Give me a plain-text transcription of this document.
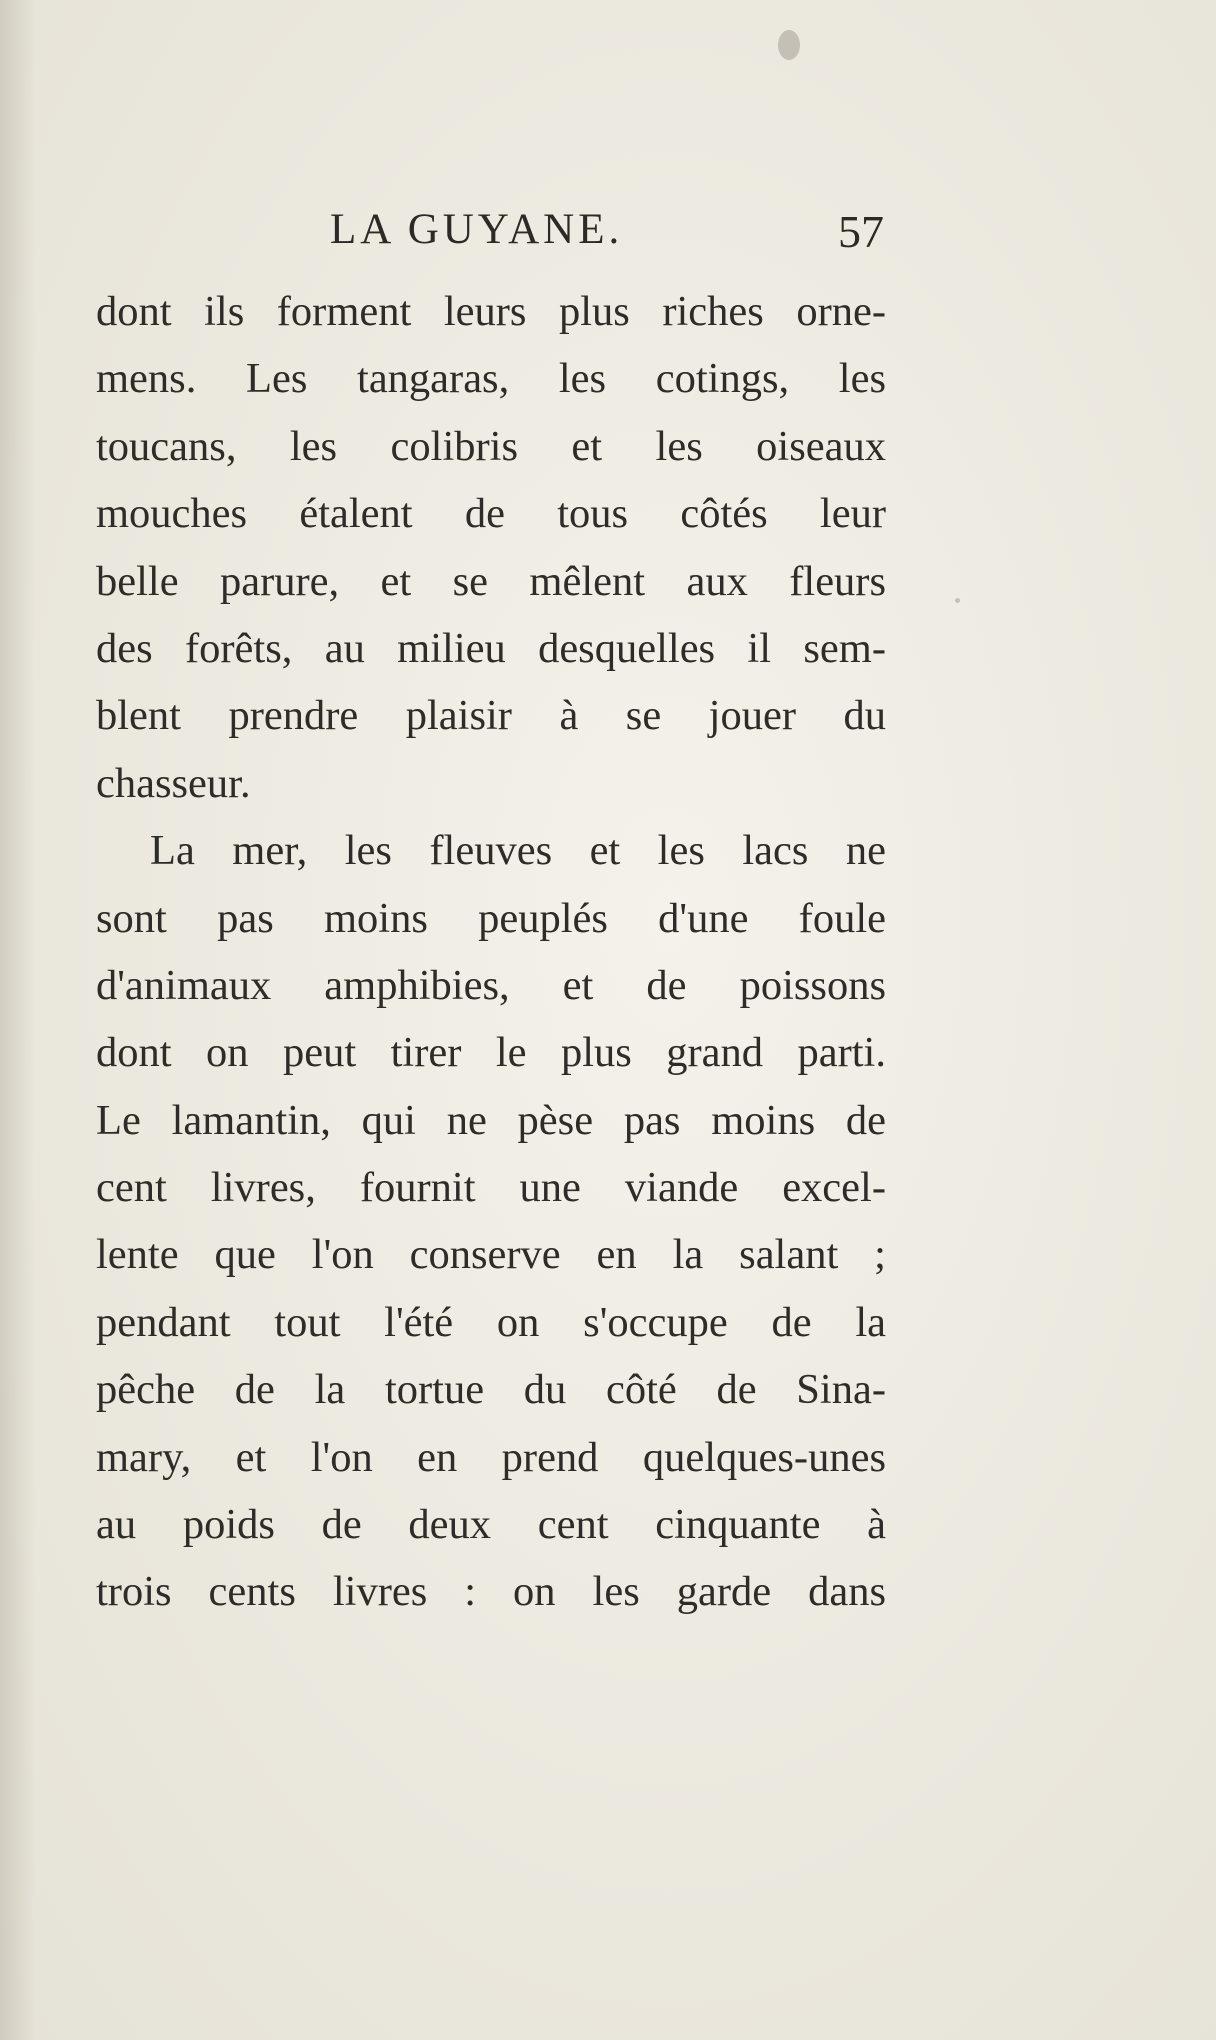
LA GUYANE.	57
dont ils forment leurs plus riches orne-
mens. Les tangaras, les cotings, les
toucans, les colibris et les oiseaux
mouches étalent de tous côtés leur
belle parure, et se mêlent aux fleurs
des forêts, au milieu desquelles il sem-
blent prendre plaisir à se jouer du
chasseur.
La mer, les fleuves et les lacs ne
sont pas moins peuplés d'une foule
d'animaux amphibies, et de poissons
dont on peut tirer le plus grand parti.
Le lamantin, qui ne pèse pas moins de
cent livres, fournit une viande excel-
lente que l'on conserve en la salant ;
pendant tout l'été on s'occupe de la
pêche de la tortue du côté de Sina-
mary, et l'on en prend quelques-unes
au poids de deux cent cinquante à
trois cents livres : on les garde dans
